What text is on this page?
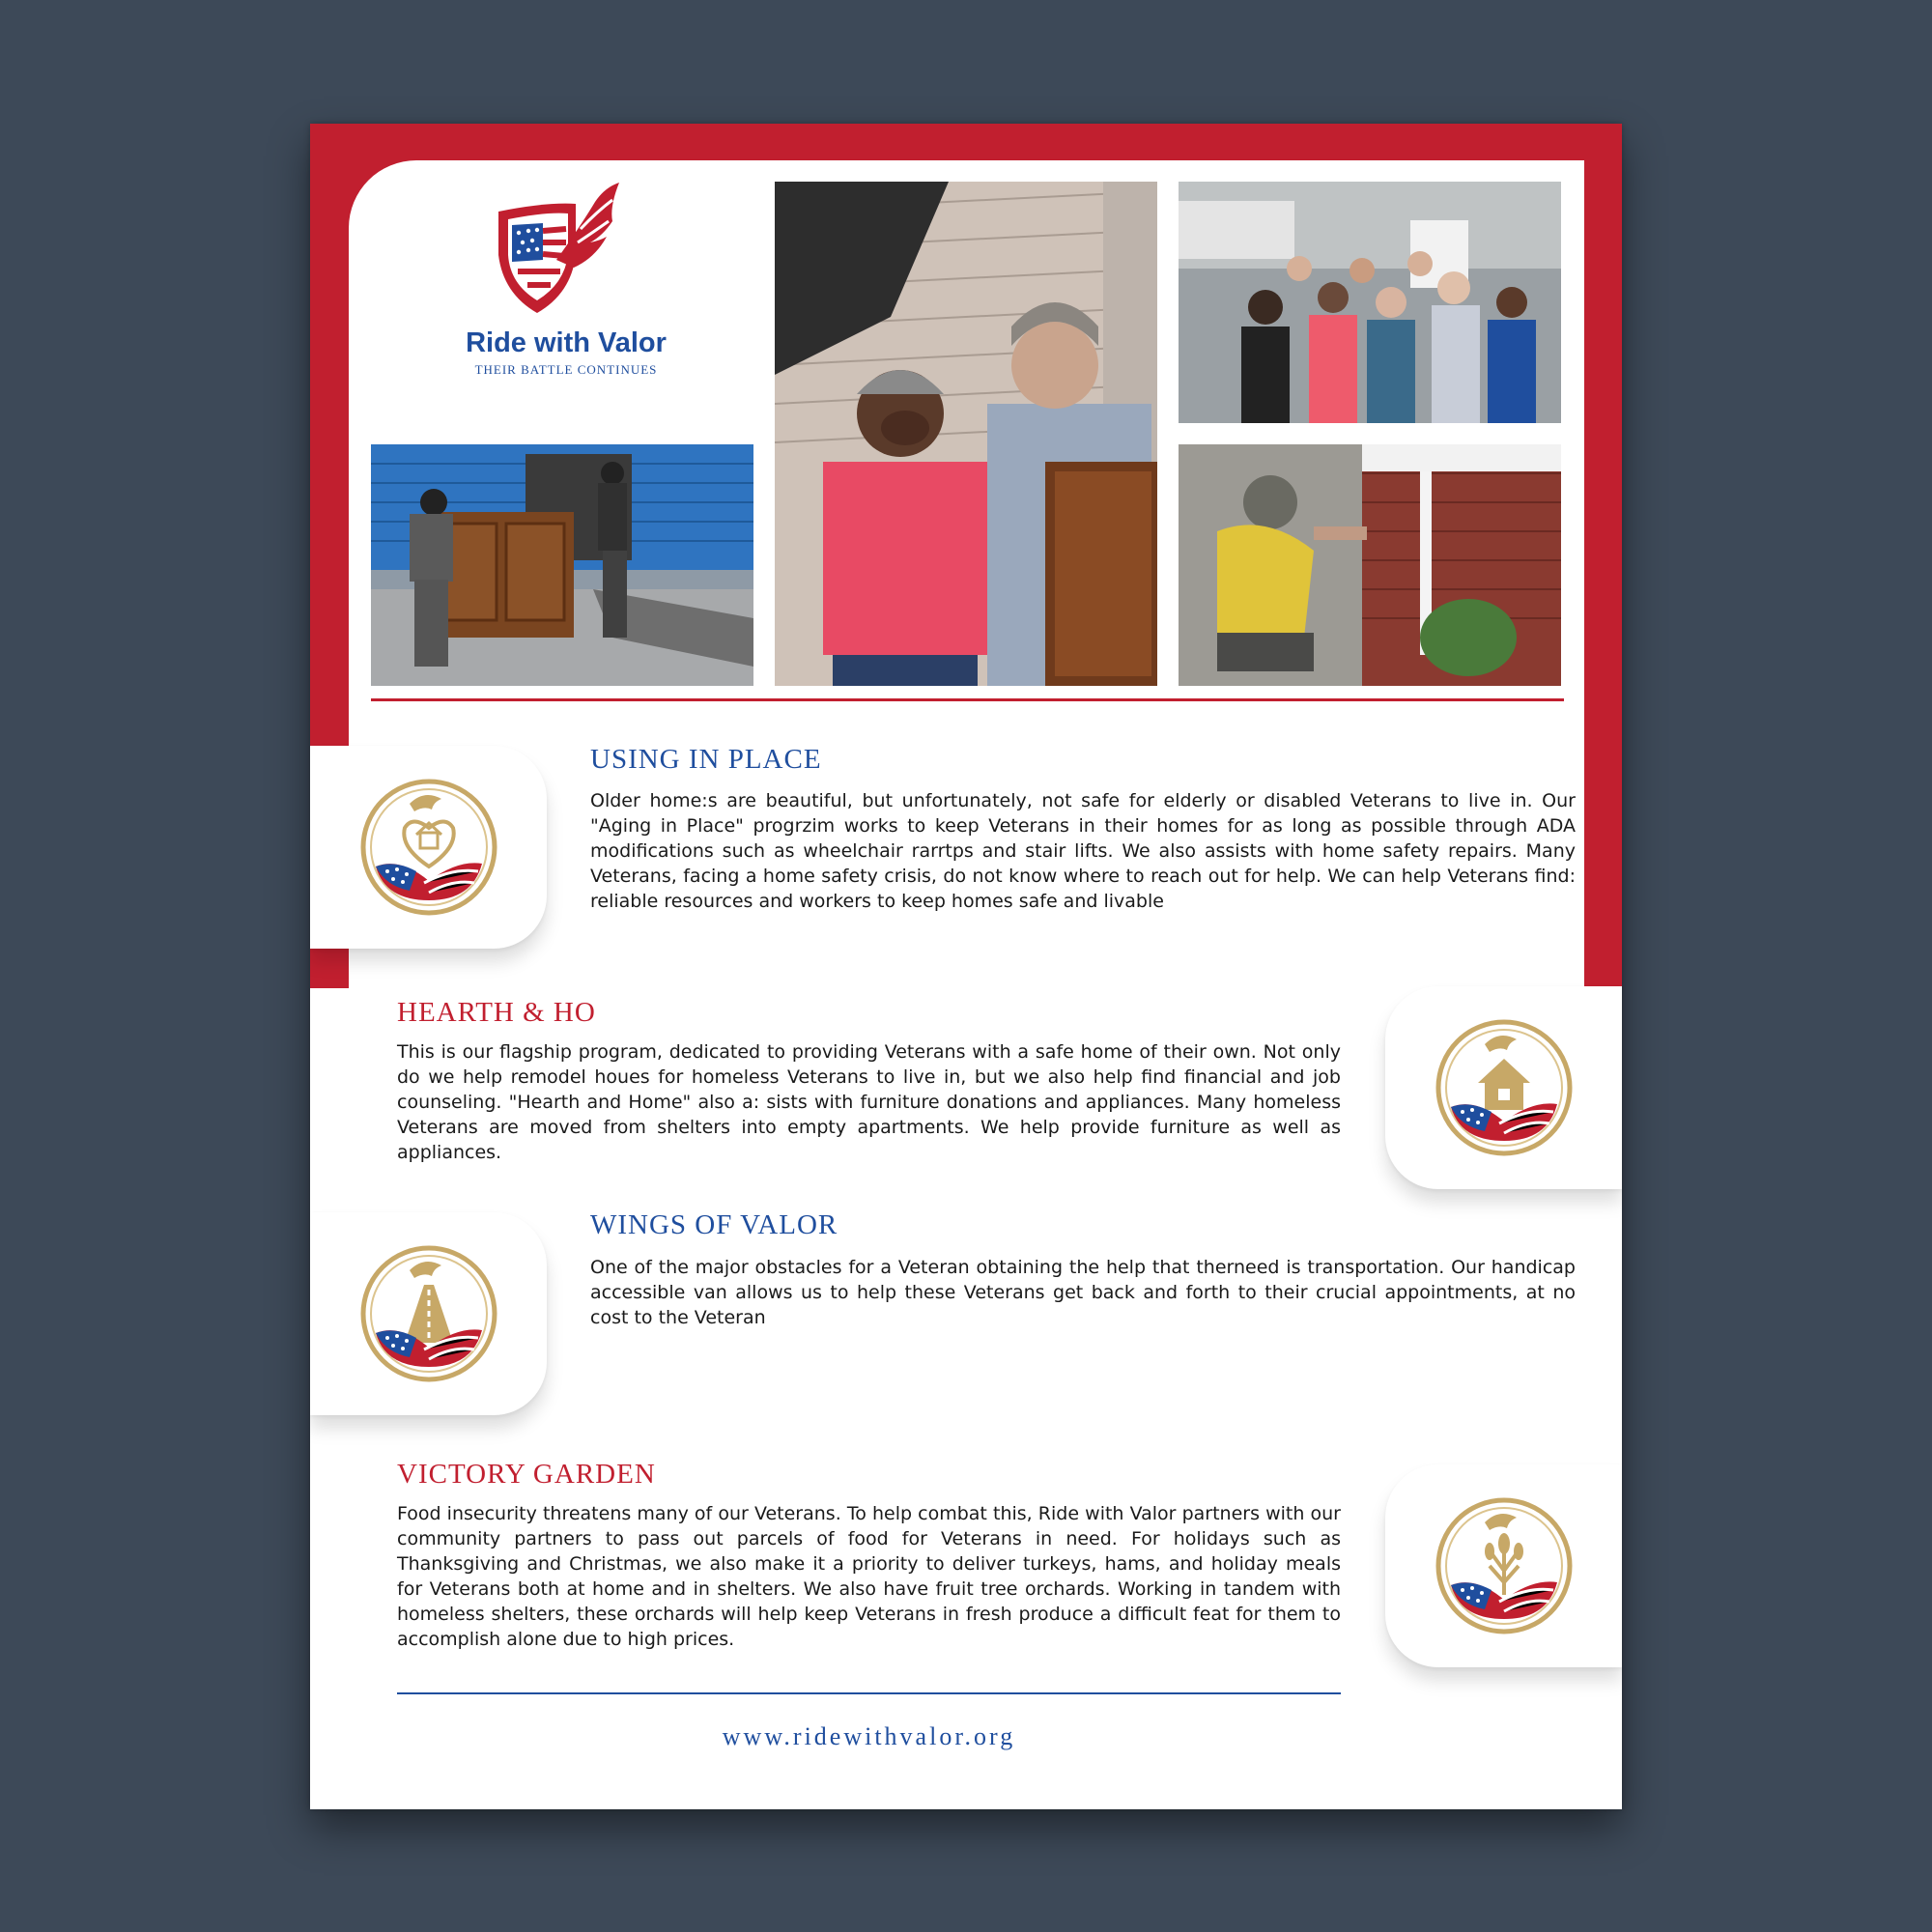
Ride with Valor
THEIR BATTLE CONTINUES
USING IN PLACE
Older home:s are beautiful, but unfortunately, not safe for elderly or disabled Veterans to live in. Our "Aging in Place" progrzim works to keep Veterans in their homes for as long as possible through ADA modifications such as wheelchair rarrtps and stair lifts. We also assists with home safety repairs. Many Veterans, facing a home safety crisis, do not know where to reach out for help. We can help Veterans find: reliable resources and workers to keep homes safe and livable
HEARTH & HO
This is our flagship program, dedicated to providing Veterans with a safe home of their own. Not only do we help remodel houes for homeless Veterans to live in, but we also help find financial and job counseling. "Hearth and Home" also a: sists with furniture donations and appliances. Many homeless Veterans are moved from shelters into empty apartments. We help provide furniture as well as appliances.
WINGS OF VALOR
One of the major obstacles for a Veteran obtaining the help that therneed is transportation. Our handicap accessible van allows us to help these Veterans get back and forth to their crucial appointments, at no cost to the Veteran
VICTORY GARDEN
Food insecurity threatens many of our Veterans. To help combat this, Ride with Valor partners with our community partners to pass out parcels of food for Veterans in need. For holidays such as Thanksgiving and Christmas, we also make it a priority to deliver turkeys, hams, and holiday meals for Veterans both at home and in shelters. We also have fruit tree orchards. Working in tandem with homeless shelters, these orchards will help keep Veterans in fresh produce a difficult feat for them to accomplish alone due to high prices.
www.ridewithvalor.org
